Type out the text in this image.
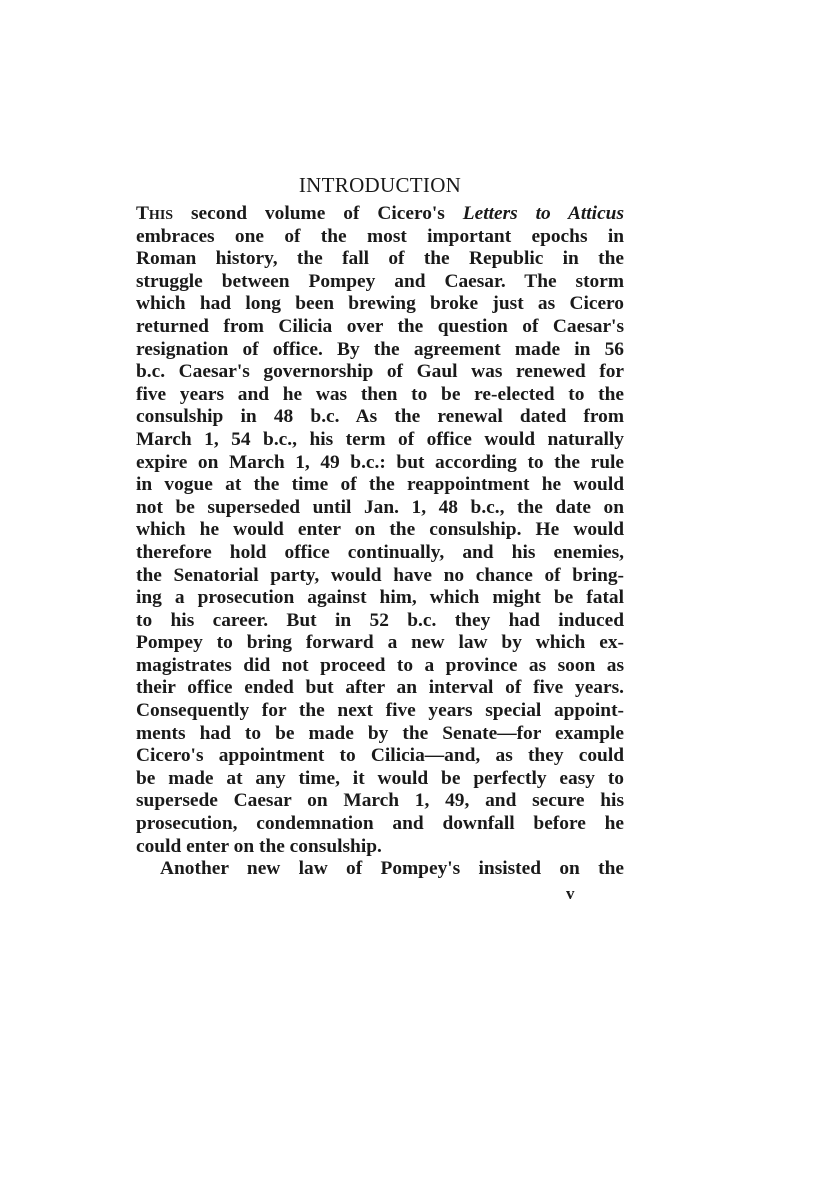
INTRODUCTION
This second volume of Cicero's Letters to Atticus
embraces one of the most important epochs in
Roman history, the fall of the Republic in the
struggle between Pompey and Caesar. The storm
which had long been brewing broke just as Cicero
returned from Cilicia over the question of Caesar's
resignation of office. By the agreement made in 56
b.c. Caesar's governorship of Gaul was renewed for
five years and he was then to be re-elected to the
consulship in 48 b.c. As the renewal dated from
March 1, 54 b.c., his term of office would naturally
expire on March 1, 49 b.c.: but according to the rule
in vogue at the time of the reappointment he would
not be superseded until Jan. 1, 48 b.c., the date on
which he would enter on the consulship. He would
therefore hold office continually, and his enemies,
the Senatorial party, would have no chance of bring-
ing a prosecution against him, which might be fatal
to his career. But in 52 b.c. they had induced
Pompey to bring forward a new law by which ex-
magistrates did not proceed to a province as soon as
their office ended but after an interval of five years.
Consequently for the next five years special appoint-
ments had to be made by the Senate—for example
Cicero's appointment to Cilicia—and, as they could
be made at any time, it would be perfectly easy to
supersede Caesar on March 1, 49, and secure his
prosecution, condemnation and downfall before he
could enter on the consulship.
Another new law of Pompey's insisted on the
v
